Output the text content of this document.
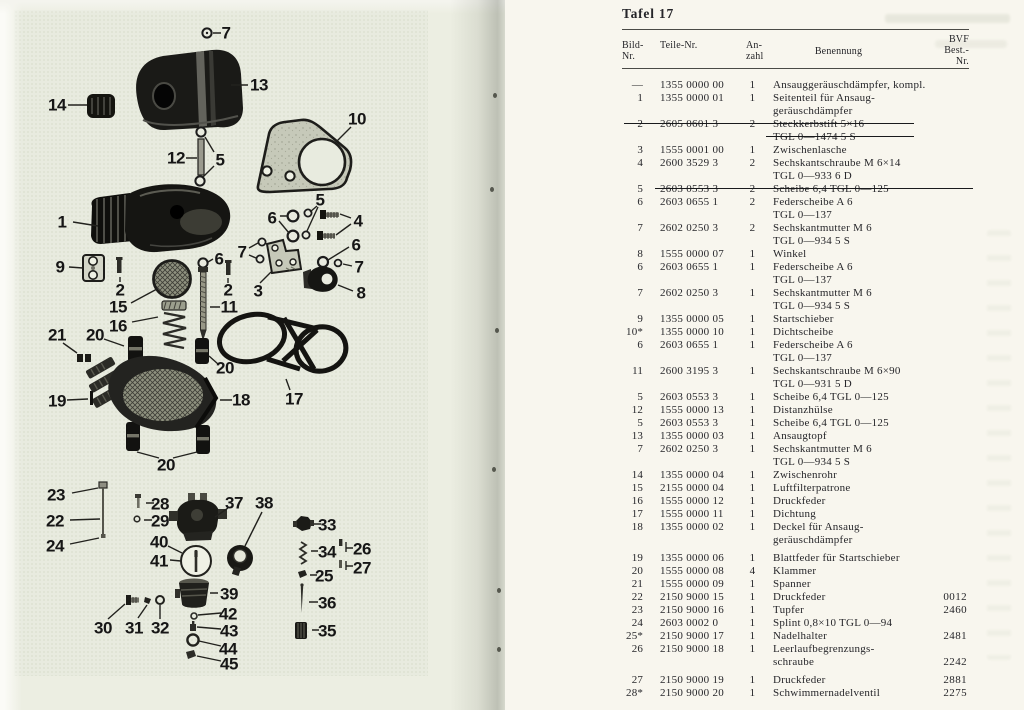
7
13
14
12 5
10
1	6	4
5
9	6 7	6
7
8
3
2	2
15
16
11
21 20
20
19	18 17
20
23
22
24
28
29
37 38
40
41
33
34 26
25 27
36
30 31 32
39
42
43
44
45
35
Tafel 17
Bild-
Nr.
Teile-Nr.	An-
zahl	Benennung
BVF
Best.-
Nr.
— 1355 0000 00	1	Ansauggeräuschdämpfer, kompl.
1 1355 0000 01	1	Seitenteil für Ansaug-
geräuschdämpfer
2 2605 0601 3	2	Steckkerbstift 5×16
TGL 0—1474 5 S
3 1555 0001 00	1	Zwischenlasche
4 2600 3529 3	2	Sechskantschraube M 6×14
TGL 0—933 6 D
5 2603 0553 3	2	Scheibe 6,4 TGL 0—125
6 2603 0655 1	2	Federscheibe A 6
TGL 0—137
7 2602 0250 3	2	Sechskantmutter M 6
TGL 0—934 5 S
8 1555 0000 07	1	Winkel
6 2603 0655 1	1	Federscheibe A 6
TGL 0—137
7 2602 0250 3	1	Sechskantmutter M 6
TGL 0—934 5 S
9 1355 0000 05	1	Startschieber
10* 1355 0000 10	1	Dichtscheibe
6 2603 0655 1	1	Federscheibe A 6
TGL 0—137
11 2600 3195 3	1	Sechskantschraube M 6×90
TGL 0—931 5 D
5 2603 0553 3	1	Scheibe 6,4 TGL 0—125
12 1555 0000 13	1	Distanzhülse
5 2603 0553 3	1	Scheibe 6,4 TGL 0—125
13 1355 0000 03	1	Ansaugtopf
7 2602 0250 3	1	Sechskantmutter M 6
TGL 0—934 5 S
14 1355 0000 04	1	Zwischenrohr
15 2155 0000 04	1	Luftfilterpatrone
16 1555 0000 12	1	Druckfeder
17 1555 0000 11	1	Dichtung
18 1355 0000 02	1	Deckel für Ansaug-
geräuschdämpfer
19 1355 0000 06	1	Blattfeder für Startschieber
20 1555 0000 08	4	Klammer
21 1555 0000 09	1	Spanner
22 2150 9000 15	1	Druckfeder	0012
23 2150 9000 16	1	Tupfer	2460
24 2603 0002 0	1	Splint 0,8×10 TGL 0—94
25* 2150 9000 17	1	Nadelhalter	2481
26 2150 9000 18	1	Leerlaufbegrenzungs-
schraube	2242
27 2150 9000 19	1	Druckfeder	2881
28* 2150 9000 20	1	Schwimmernadelventil	2275
